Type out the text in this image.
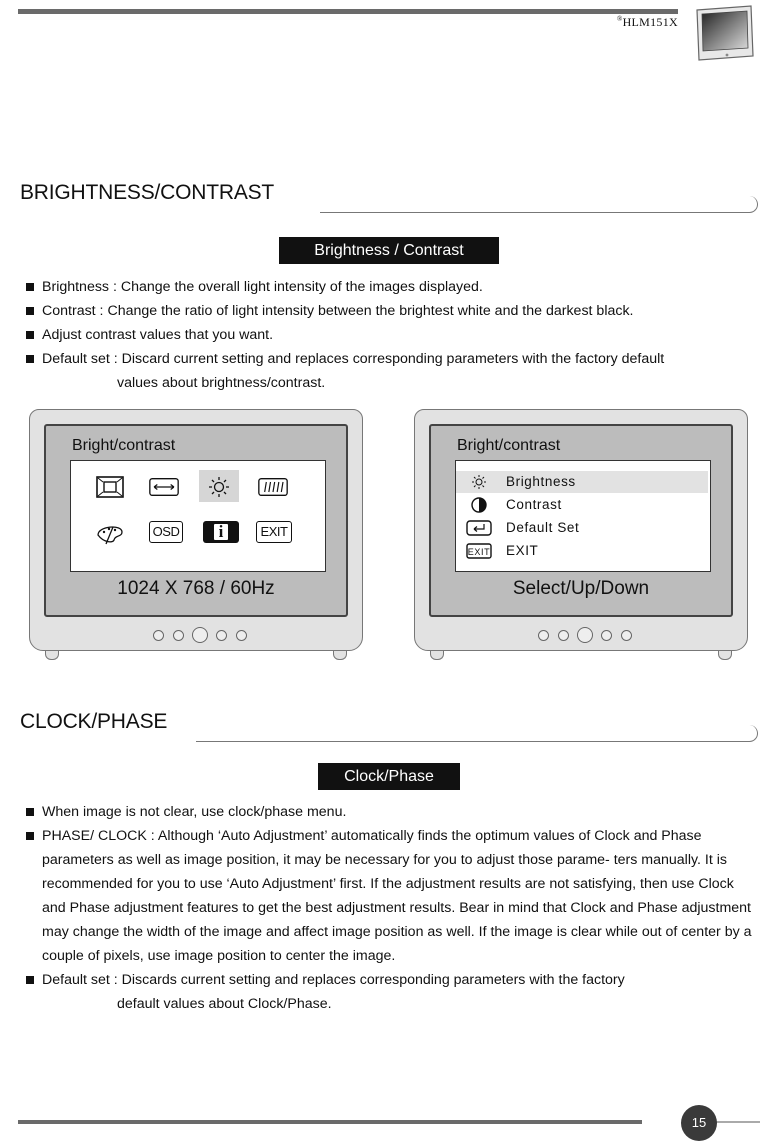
®HLM151X
BRIGHTNESS/CONTRAST
Brightness / Contrast
Brightness : Change the overall light intensity of the images displayed.
Contrast : Change the ratio of light intensity between the brightest white and the darkest black.
Adjust contrast values that you want.
Default set : Discard current setting and replaces corresponding parameters with the factory default
values about brightness/contrast.
Bright/contrast
OSD	i	EXIT
1024 X 768 / 60Hz
Bright/contrast
Brightness
Contrast
Default Set
EXIT EXIT
Select/Up/Down
CLOCK/PHASE
Clock/Phase
When image is not clear, use clock/phase menu.
PHASE/ CLOCK : Although ‘Auto Adjustment’ automatically finds the optimum values of Clock and Phase parameters as well as image position, it may be necessary for you to adjust those parame- ters manually. It is recommended for you to use ‘Auto Adjustment’ first. If the adjustment results are not satisfying, then use Clock and Phase adjustment features to get the best adjustment results. Bear in mind that Clock and Phase adjustment may change the width of the image and affect image position as well. If the image is clear while out of center by a couple of pixels, use image position to center the image.
Default set : Discards current setting and replaces corresponding parameters with the factory
default values about Clock/Phase.
15
